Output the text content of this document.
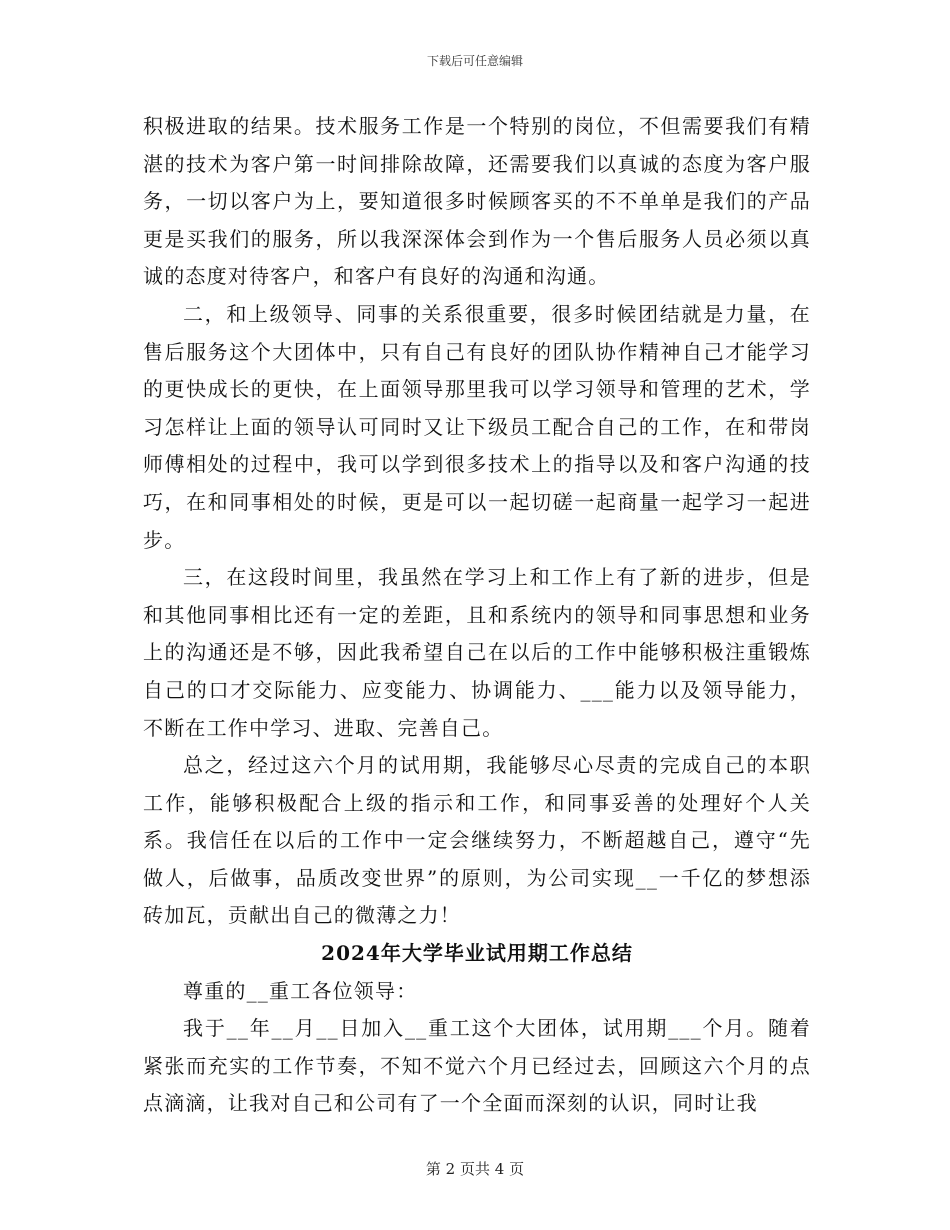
下载后可任意编辑

积极进取的结果。技术服务工作是一个特别的岗位，不但需要我们有精湛的技术为客户第一时间排除故障，还需要我们以真诚的态度为客户服务，一切以客户为上，要知道很多时候顾客买的不不单单是我们的产品更是买我们的服务，所以我深深体会到作为一个售后服务人员必须以真诚的态度对待客户，和客户有良好的沟通和沟通。

二，和上级领导、同事的关系很重要，很多时候团结就是力量，在售后服务这个大团体中，只有自己有良好的团队协作精神自己才能学习的更快成长的更快，在上面领导那里我可以学习领导和管理的艺术，学习怎样让上面的领导认可同时又让下级员工配合自己的工作，在和带岗师傅相处的过程中，我可以学到很多技术上的指导以及和客户沟通的技巧，在和同事相处的时候，更是可以一起切磋一起商量一起学习一起进步。

三，在这段时间里，我虽然在学习上和工作上有了新的进步，但是和其他同事相比还有一定的差距，且和系统内的领导和同事思想和业务上的沟通还是不够，因此我希望自己在以后的工作中能够积极注重锻炼自己的口才交际能力、应变能力、协调能力、___能力以及领导能力，不断在工作中学习、进取、完善自己。

总之，经过这六个月的试用期，我能够尽心尽责的完成自己的本职工作，能够积极配合上级的指示和工作，和同事妥善的处理好个人关系。我信任在以后的工作中一定会继续努力，不断超越自己，遵守“先做人，后做事，品质改变世界”的原则，为公司实现__一千亿的梦想添砖加瓦，贡献出自己的微薄之力！

2024年大学毕业试用期工作总结

尊重的__重工各位领导：

我于__年__月__日加入__重工这个大团体，试用期___个月。随着紧张而充实的工作节奏，不知不觉六个月已经过去，回顾这六个月的点点滴滴，让我对自己和公司有了一个全面而深刻的认识，同时让我

第 2 页共 4 页
